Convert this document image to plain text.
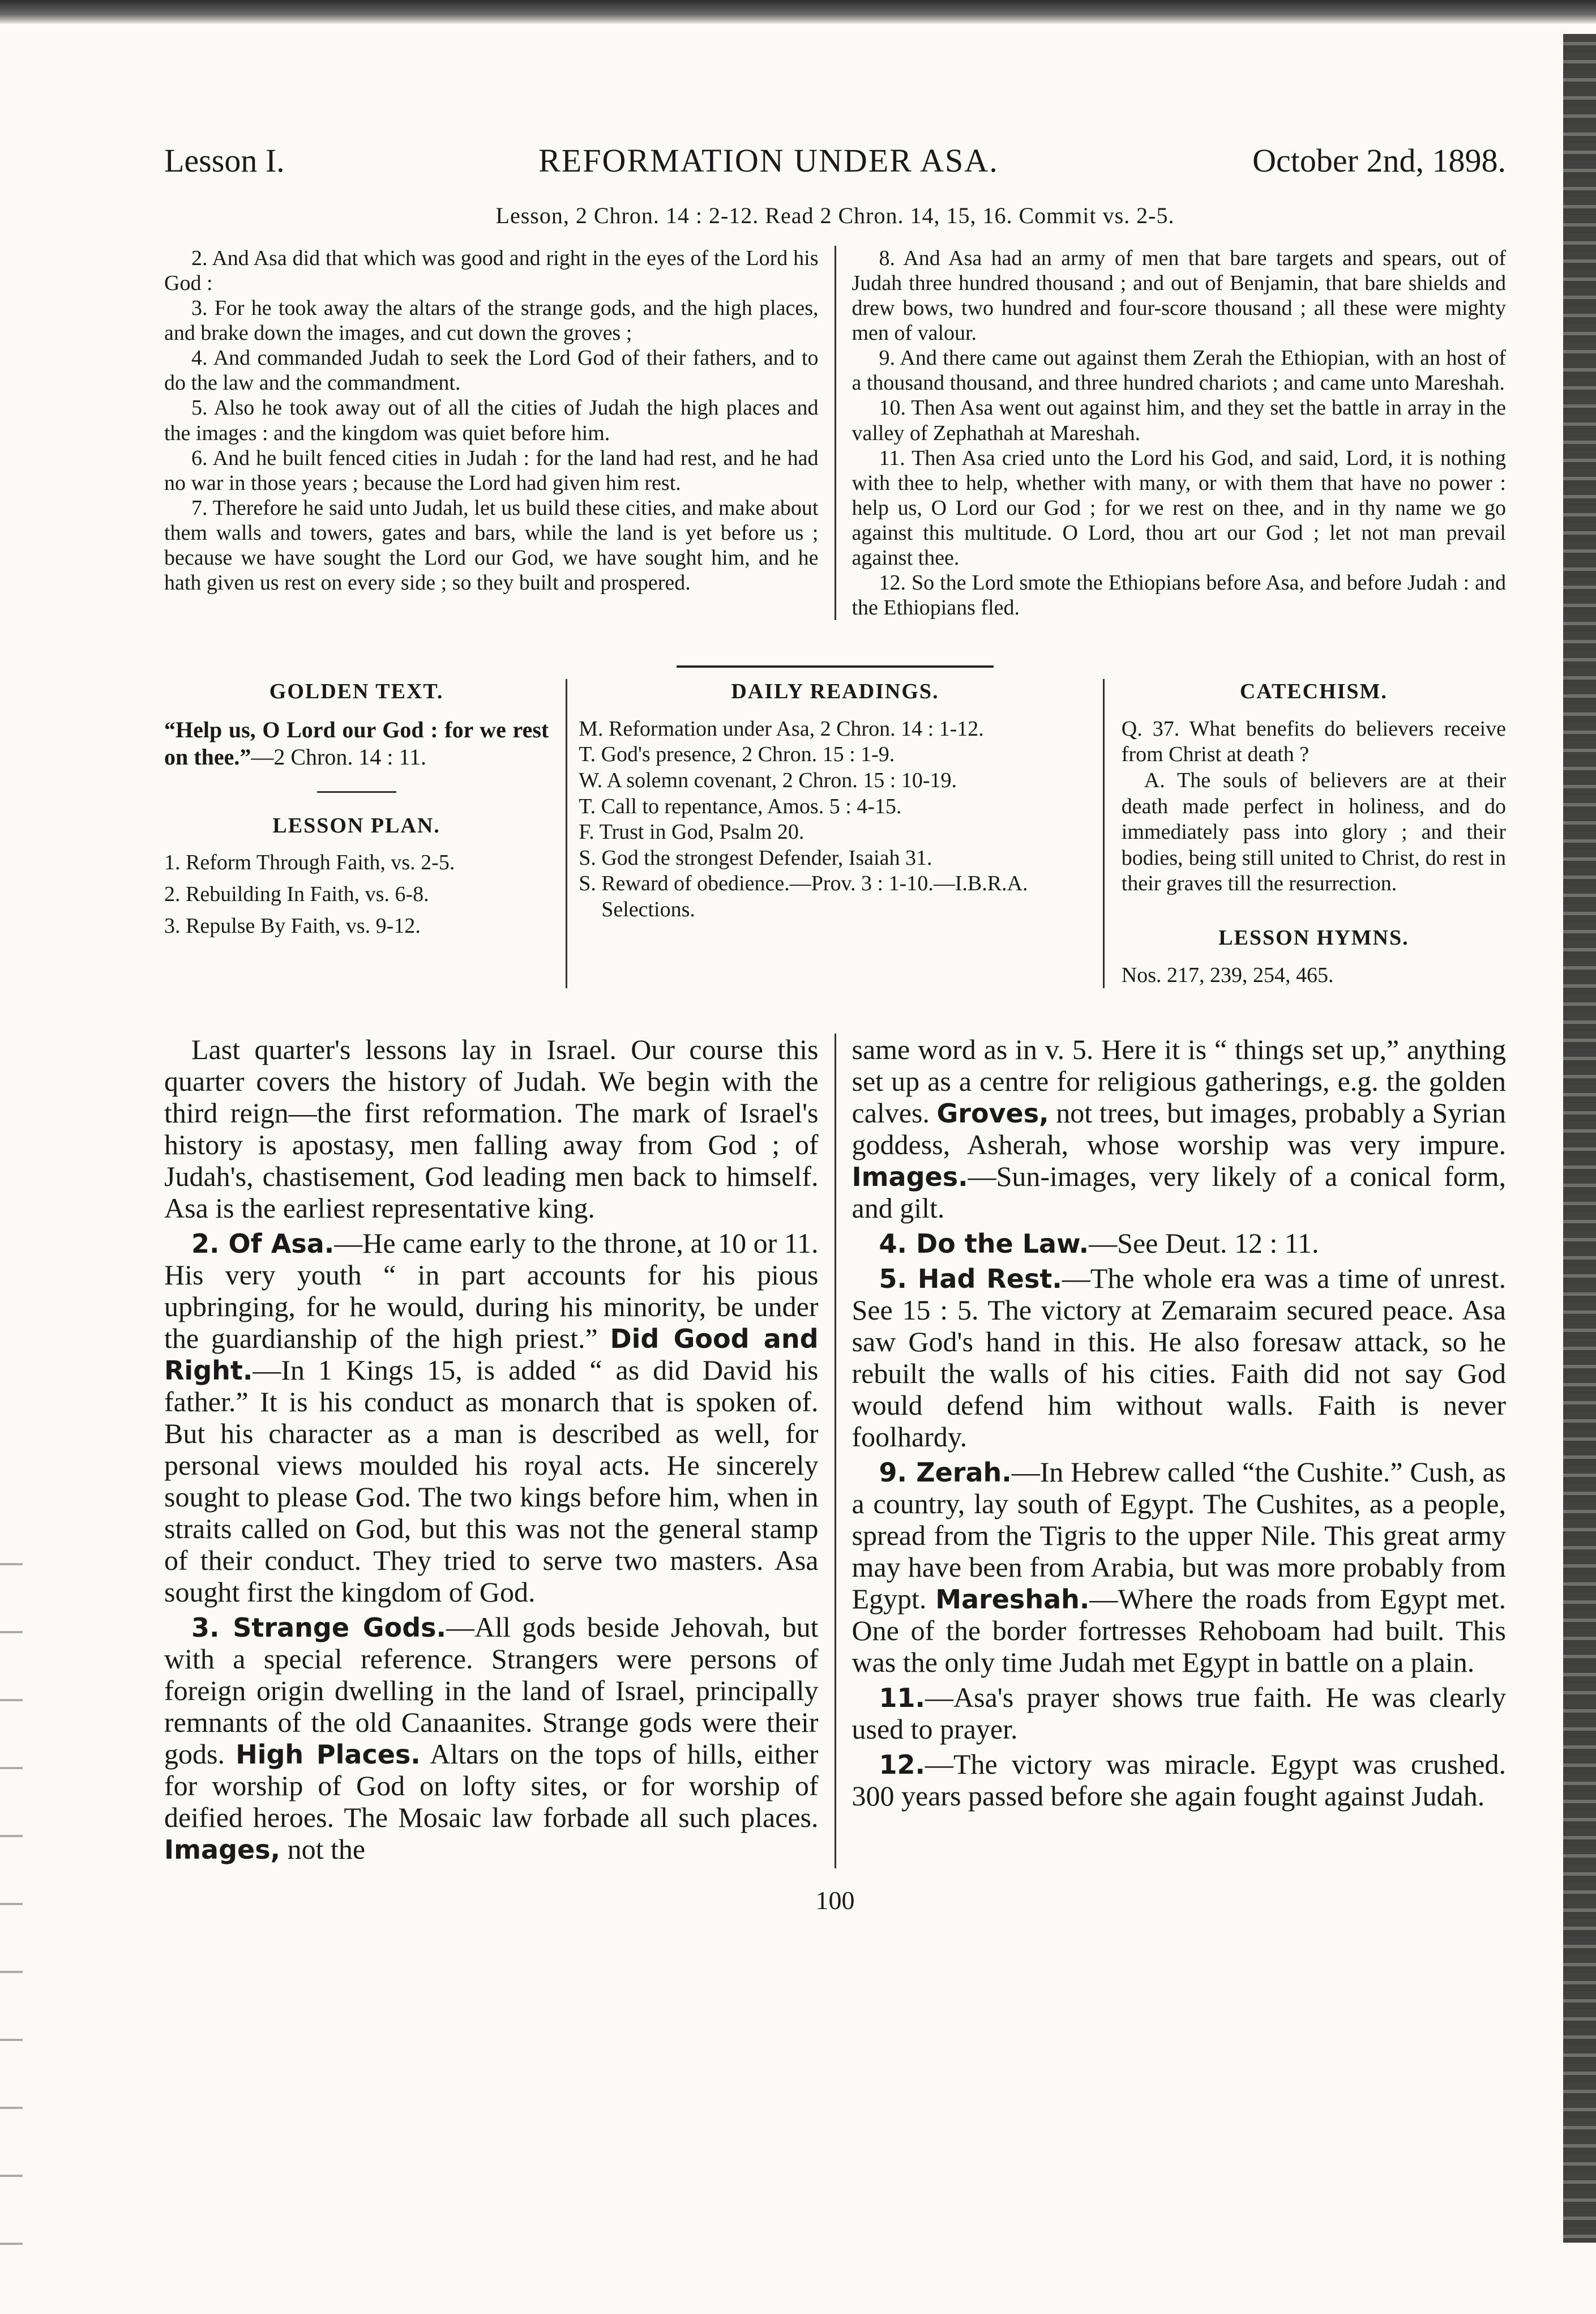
Lesson I.	REFORMATION UNDER ASA.	October 2nd, 1898.
Lesson, 2 Chron. 14 : 2-12. Read 2 Chron. 14, 15, 16. Commit vs. 2-5.

2. And Asa did that which was good and right in the eyes of the Lord his God :

3. For he took away the altars of the strange gods, and the high places, and brake down the images, and cut down the groves ;

4. And commanded Judah to seek the Lord God of their fathers, and to do the law and the commandment.

5. Also he took away out of all the cities of Judah the high places and the images : and the kingdom was quiet before him.

6. And he built fenced cities in Judah : for the land had rest, and he had no war in those years ; because the Lord had given him rest.

7. Therefore he said unto Judah, let us build these cities, and make about them walls and towers, gates and bars, while the land is yet before us ; because we have sought the Lord our God, we have sought him, and he hath given us rest on every side ; so they built and prospered.

8. And Asa had an army of men that bare targets and spears, out of Judah three hundred thousand ; and out of Benjamin, that bare shields and drew bows, two hundred and four-score thousand ; all these were mighty men of valour.

9. And there came out against them Zerah the Ethiopian, with an host of a thousand thousand, and three hundred chariots ; and came unto Mareshah.

10. Then Asa went out against him, and they set the battle in array in the valley of Zephathah at Mareshah.

11. Then Asa cried unto the Lord his God, and said, Lord, it is nothing with thee to help, whether with many, or with them that have no power : help us, O Lord our God ; for we rest on thee, and in thy name we go against this multitude. O Lord, thou art our God ; let not man prevail against thee.

12. So the Lord smote the Ethiopians before Asa, and before Judah : and the Ethiopians fled.

GOLDEN TEXT.
“Help us, O Lord our God : for we rest on thee.”—2 Chron. 14 : 11.
LESSON PLAN.
1. Reform Through Faith, vs. 2-5.
2. Rebuilding In Faith, vs. 6-8.
3. Repulse By Faith, vs. 9-12.
DAILY READINGS.

M. Reformation under Asa, 2 Chron. 14 : 1-12.

T. God's presence, 2 Chron. 15 : 1-9.

W. A solemn covenant, 2 Chron. 15 : 10-19.

T. Call to repentance, Amos. 5 : 4-15.

F. Trust in God, Psalm 20.

S. God the strongest Defender, Isaiah 31.

S. Reward of obedience.—Prov. 3 : 1-10.—I.B.R.A. Selections.

CATECHISM.

Q. 37. What benefits do believers receive from Christ at death ?

A. The souls of believers are at their death made perfect in holiness, and do immediately pass into glory ; and their bodies, being still united to Christ, do rest in their graves till the resurrection.

LESSON HYMNS.
Nos. 217, 239, 254, 465.

Last quarter's lessons lay in Israel. Our course this quarter covers the history of Judah. We begin with the third reign—the first reformation. The mark of Israel's history is apostasy, men falling away from God ; of Judah's, chastisement, God leading men back to himself. Asa is the earliest representative king.

2. Of Asa.—He came early to the throne, at 10 or 11. His very youth “ in part accounts for his pious upbringing, for he would, during his minority, be under the guardianship of the high priest.” Did Good and Right.—In 1 Kings 15, is added “ as did David his father.” It is his conduct as monarch that is spoken of. But his character as a man is described as well, for personal views moulded his royal acts. He sincerely sought to please God. The two kings before him, when in straits called on God, but this was not the general stamp of their conduct. They tried to serve two masters. Asa sought first the kingdom of God.

3. Strange Gods.—All gods beside Jehovah, but with a special reference. Strangers were persons of foreign origin dwelling in the land of Israel, principally remnants of the old Canaanites. Strange gods were their gods. High Places. Altars on the tops of hills, either for worship of God on lofty sites, or for worship of deified heroes. The Mosaic law forbade all such places. Images, not the

same word as in v. 5. Here it is “ things set up,” anything set up as a centre for religious gatherings, e.g. the golden calves. Groves, not trees, but images, probably a Syrian goddess, Asherah, whose worship was very impure. Images.—Sun-images, very likely of a conical form, and gilt.

4. Do the Law.—See Deut. 12 : 11.

5. Had Rest.—The whole era was a time of unrest. See 15 : 5. The victory at Zemaraim secured peace. Asa saw God's hand in this. He also foresaw attack, so he rebuilt the walls of his cities. Faith did not say God would defend him without walls. Faith is never foolhardy.

9. Zerah.—In Hebrew called “the Cushite.” Cush, as a country, lay south of Egypt. The Cushites, as a people, spread from the Tigris to the upper Nile. This great army may have been from Arabia, but was more probably from Egypt. Mareshah.—Where the roads from Egypt met. One of the border fortresses Rehoboam had built. This was the only time Judah met Egypt in battle on a plain.

11.—Asa's prayer shows true faith. He was clearly used to prayer.

12.—The victory was miracle. Egypt was crushed. 300 years passed before she again fought against Judah.

100
